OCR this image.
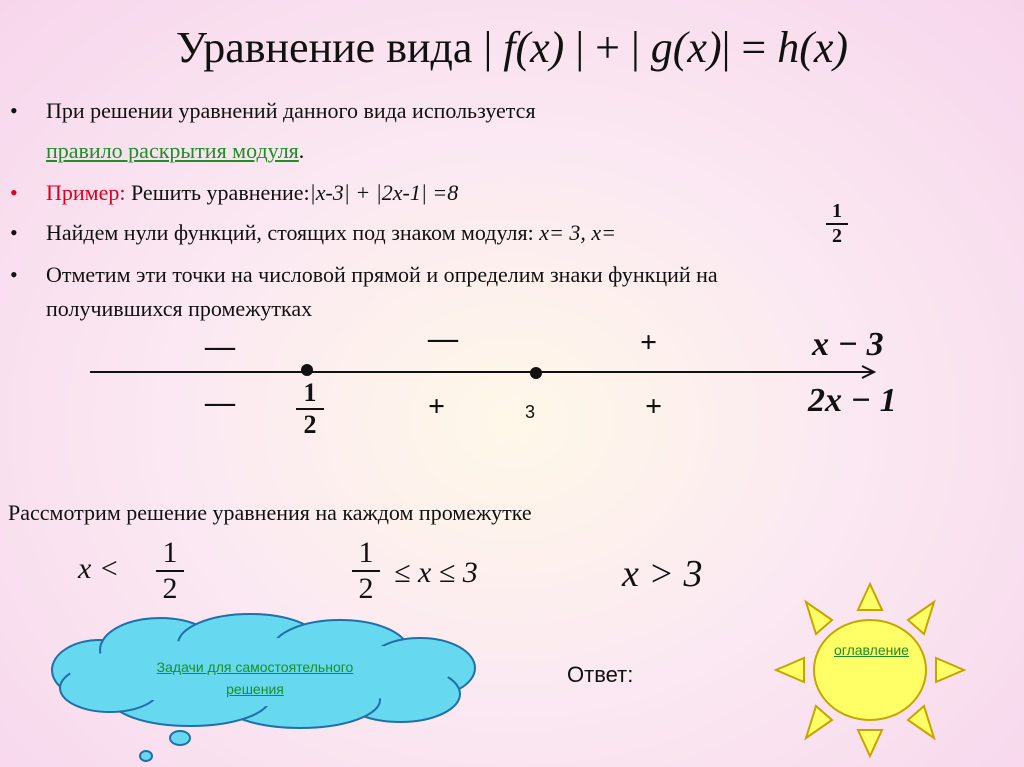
Уравнение вида | f(x) | + | g(x)| = h(x)
• При решении уравнений данного вида используется
правило раскрытия модуля.
• Пример: Решить уравнение:|x-3| + |2x-1| =8
• Найдем нули функций, стоящих под знаком модуля: x= 3, x=
1
2
• Отметим эти точки на числовой прямой и определим знаки функций на
получившихся промежутках
—	—	+	x − 3
—	+	+	2x − 1
1
2	3
Рассмотрим решение уравнения на каждом промежутке
x < 1
2
1
2 ≤ x ≤ 3	x > 3
Задачи для самостоятельного
решения
Ответ:
оглавление
